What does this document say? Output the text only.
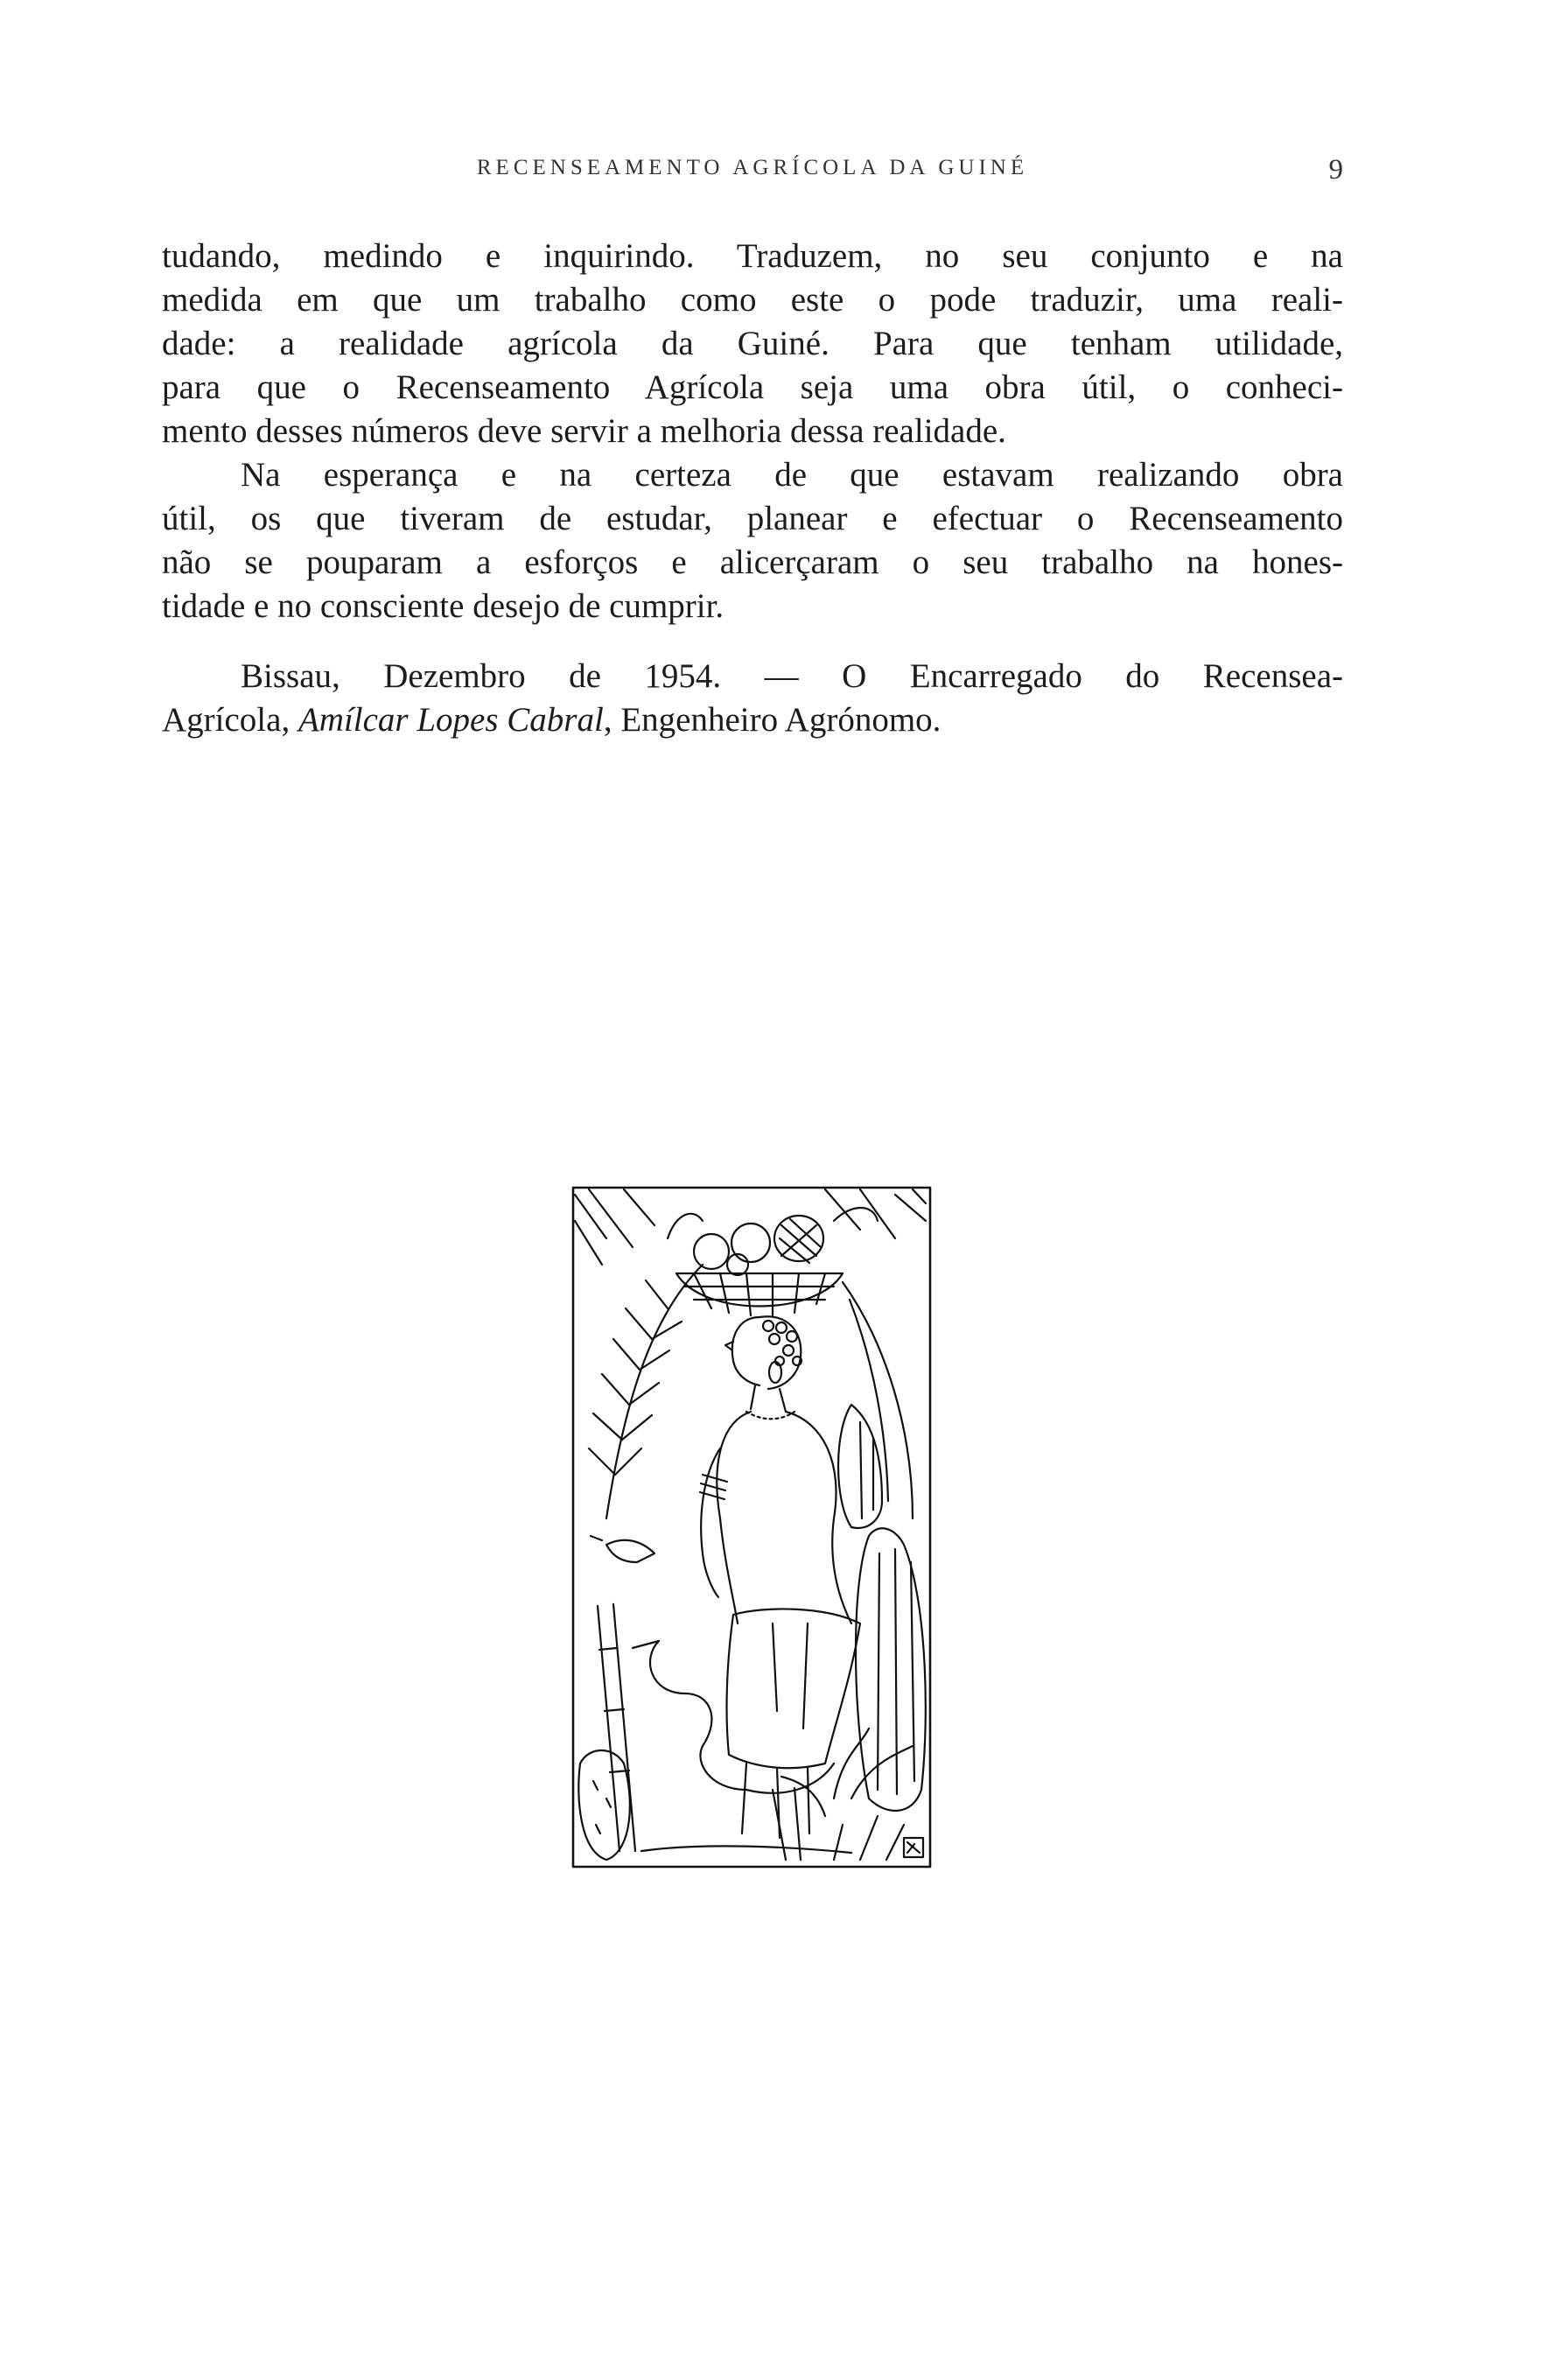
RECENSEAMENTO AGRÍCOLA DA GUINÉ	9

tudando, medindo e inquirindo. Traduzem, no seu conjunto e na
medida em que um trabalho como este o pode traduzir, uma reali-
dade: a realidade agrícola da Guiné. Para que tenham utilidade,
para que o Recenseamento Agrícola seja uma obra útil, o conheci-
mento desses números deve servir a melhoria dessa realidade.

Na esperança e na certeza de que estavam realizando obra
útil, os que tiveram de estudar, planear e efectuar o Recenseamento
não se pouparam a esforços e alicerçaram o seu trabalho na hones-
tidade e no consciente desejo de cumprir.

Bissau, Dezembro de 1954. — O Encarregado do Recensea-
Agrícola, Amílcar Lopes Cabral, Engenheiro Agrónomo.
